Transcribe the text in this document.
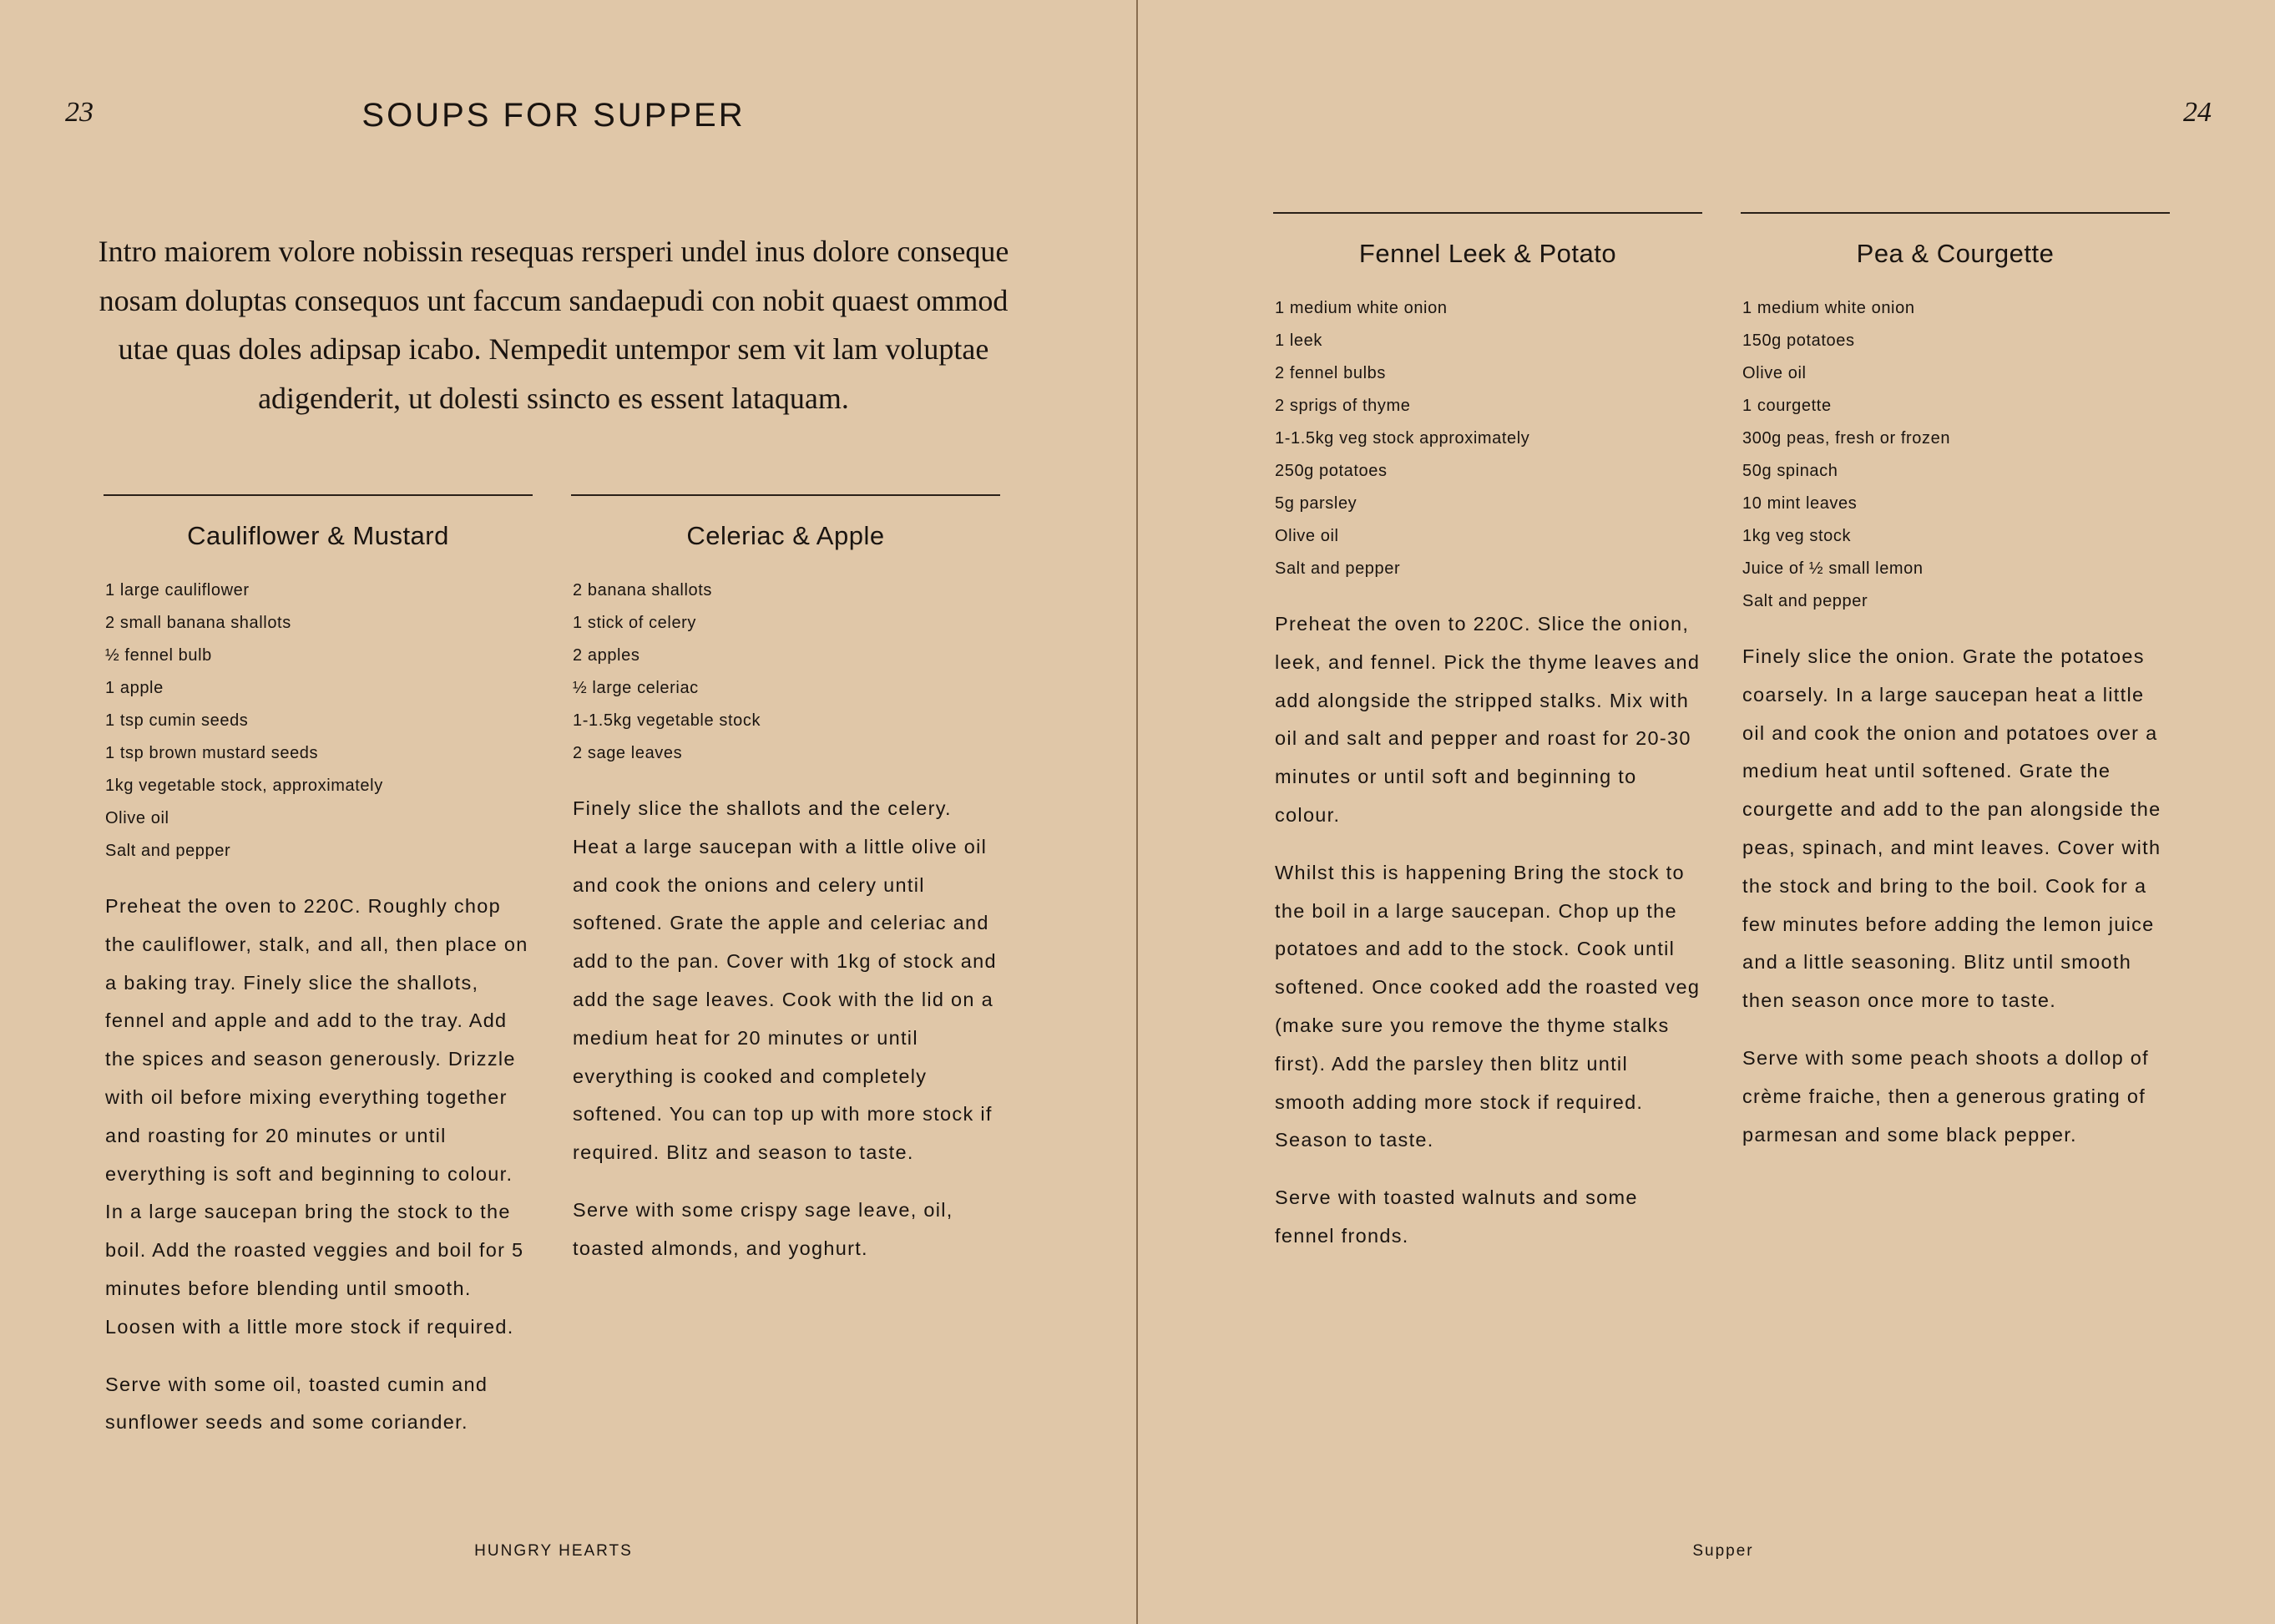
23	SOUPS FOR SUPPER
Intro maiorem volore nobissin resequas rersperi undel inus dolore conseque nosam doluptas consequos unt faccum sandaepudi con nobit quaest ommod utae quas doles adipsap icabo. Nempedit untempor sem vit lam voluptae adigenderit, ut dolesti ssincto es essent lataquam.
Cauliflower & Mustard
1 large cauliflower
2 small banana shallots
½ fennel bulb
1 apple
1 tsp cumin seeds
1 tsp brown mustard seeds
1kg vegetable stock, approximately
Olive oil
Salt and pepper

Preheat the oven to 220C. Roughly chop the cauliflower, stalk, and all, then place on a baking tray. Finely slice the shallots, fennel and apple and add to the tray. Add the spices and season generously. Drizzle with oil before mixing everything together and roasting for 20 minutes or until everything is soft and beginning to colour. In a large saucepan bring the stock to the boil. Add the roasted veggies and boil for 5 minutes before blending until smooth. Loosen with a little more stock if required.

Serve with some oil, toasted cumin and sunflower seeds and some coriander.

Celeriac & Apple
2 banana shallots
1 stick of celery
2 apples
½ large celeriac
1-1.5kg vegetable stock
2 sage leaves

Finely slice the shallots and the celery. Heat a large saucepan with a little olive oil and cook the onions and celery until softened. Grate the apple and celeriac and add to the pan. Cover with 1kg of stock and add the sage leaves. Cook with the lid on a medium heat for 20 minutes or until everything is cooked and completely softened. You can top up with more stock if required. Blitz and season to taste.

Serve with some crispy sage leave, oil, toasted almonds, and yoghurt.

HUNGRY HEARTS
24
Fennel Leek & Potato
1 medium white onion
1 leek
2 fennel bulbs
2 sprigs of thyme
1-1.5kg veg stock approximately
250g potatoes
5g parsley
Olive oil
Salt and pepper

Preheat the oven to 220C. Slice the onion, leek, and fennel. Pick the thyme leaves and add alongside the stripped stalks. Mix with oil and salt and pepper and roast for 20-30 minutes or until soft and beginning to colour.

Whilst this is happening Bring the stock to the boil in a large saucepan. Chop up the potatoes and add to the stock. Cook until softened. Once cooked add the roasted veg (make sure you remove the thyme stalks first). Add the parsley then blitz until smooth adding more stock if required. Season to taste.

Serve with toasted walnuts and some fennel fronds.

Pea & Courgette
1 medium white onion
150g potatoes
Olive oil
1 courgette
300g peas, fresh or frozen
50g spinach
10 mint leaves
1kg veg stock
Juice of ½ small lemon
Salt and pepper

Finely slice the onion. Grate the potatoes coarsely. In a large saucepan heat a little oil and cook the onion and potatoes over a medium heat until softened. Grate the courgette and add to the pan alongside the peas, spinach, and mint leaves. Cover with the stock and bring to the boil. Cook for a few minutes before adding the lemon juice and a little seasoning. Blitz until smooth then season once more to taste.

Serve with some peach shoots a dollop of crème fraiche, then a generous grating of parmesan and some black pepper.

Supper
